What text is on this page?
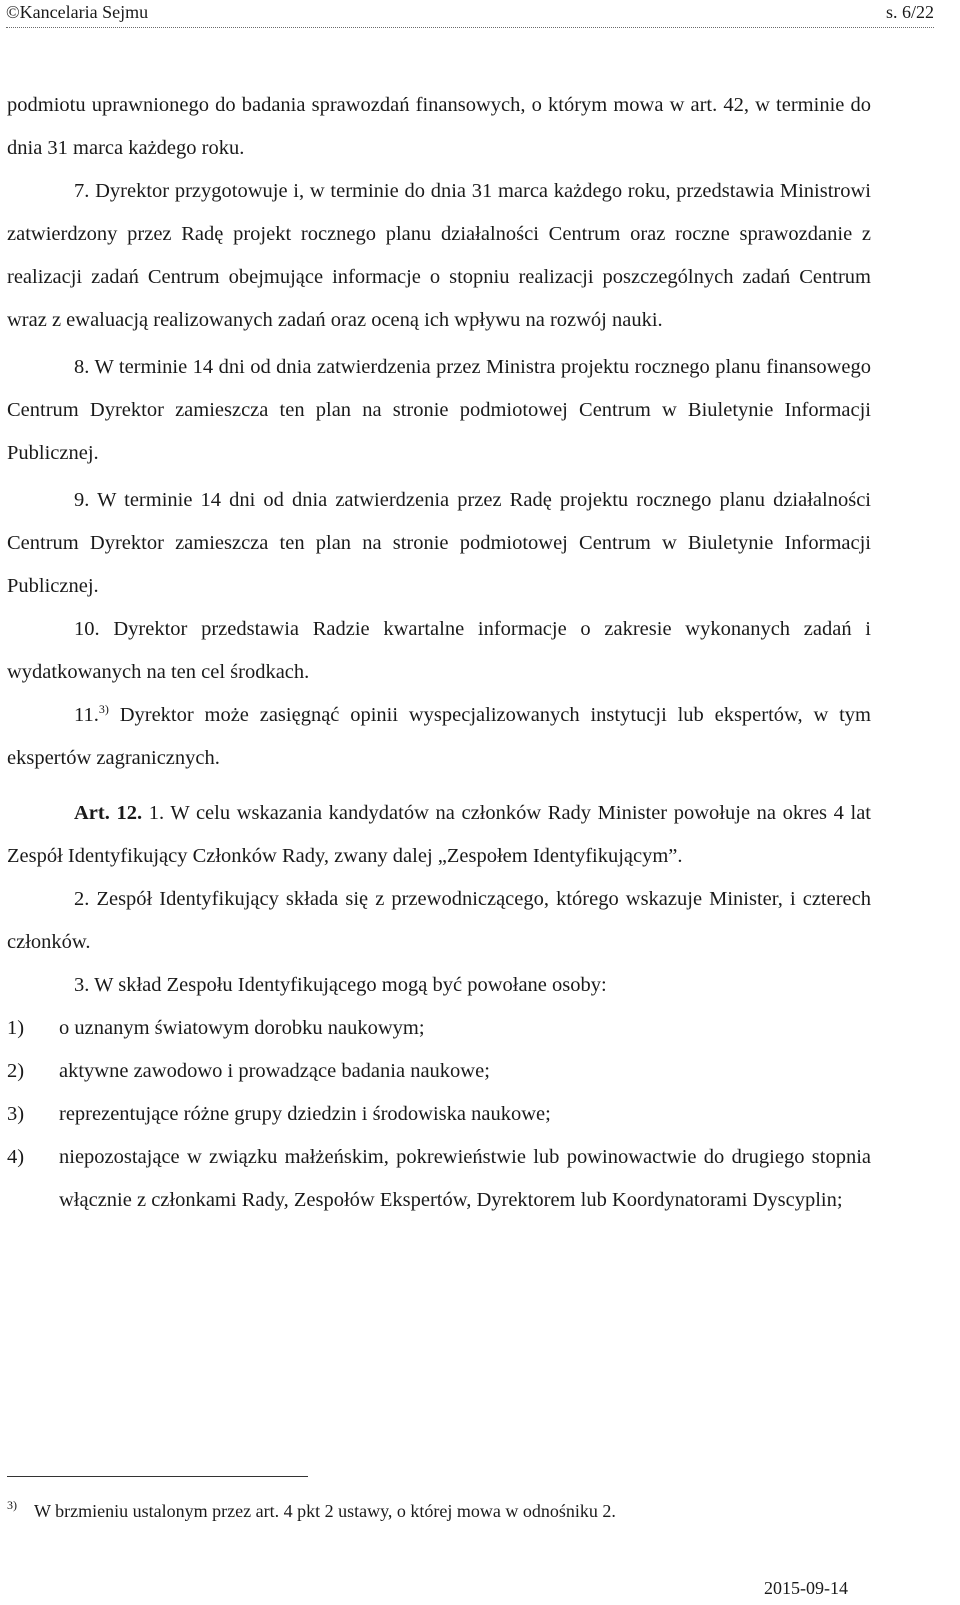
©Kancelaria Sejmu	s. 6/22

podmiotu uprawnionego do badania sprawozdań finansowych, o którym mowa w art. 42, w terminie do dnia 31 marca każdego roku.

7. Dyrektor przygotowuje i, w terminie do dnia 31 marca każdego roku, przedstawia Ministrowi zatwierdzony przez Radę projekt rocznego planu działalności Centrum oraz roczne sprawozdanie z realizacji zadań Centrum obejmujące informacje o stopniu realizacji poszczególnych zadań Centrum wraz z ewaluacją realizowanych zadań oraz oceną ich wpływu na rozwój nauki.

8. W terminie 14 dni od dnia zatwierdzenia przez Ministra projektu rocznego planu finansowego Centrum Dyrektor zamieszcza ten plan na stronie podmiotowej Centrum w Biuletynie Informacji Publicznej.

9. W terminie 14 dni od dnia zatwierdzenia przez Radę projektu rocznego planu działalności Centrum Dyrektor zamieszcza ten plan na stronie podmiotowej Centrum w Biuletynie Informacji Publicznej.

10. Dyrektor przedstawia Radzie kwartalne informacje o zakresie wykonanych zadań i wydatkowanych na ten cel środkach.

11.$^{3)}$ Dyrektor może zasięgnąć opinii wyspecjalizowanych instytucji lub ekspertów, w tym ekspertów zagranicznych.

Art. 12. 1. W celu wskazania kandydatów na członków Rady Minister powołuje na okres 4 lat Zespół Identyfikujący Członków Rady, zwany dalej „Zespołem Identyfikującym”.

2. Zespół Identyfikujący składa się z przewodniczącego, którego wskazuje Minister, i czterech członków.

3. W skład Zespołu Identyfikującego mogą być powołane osoby:

1)	o uznanym światowym dorobku naukowym;
2)	aktywne zawodowo i prowadzące badania naukowe;
3)	reprezentujące różne grupy dziedzin i środowiska naukowe;
4)	niepozostające w związku małżeńskim, pokrewieństwie lub powinowactwie do drugiego stopnia włącznie z członkami Rady, Zespołów Ekspertów, Dyrektorem lub Koordynatorami Dyscyplin;
3) W brzmieniu ustalonym przez art. 4 pkt 2 ustawy, o której mowa w odnośniku 2.
2015-09-14
